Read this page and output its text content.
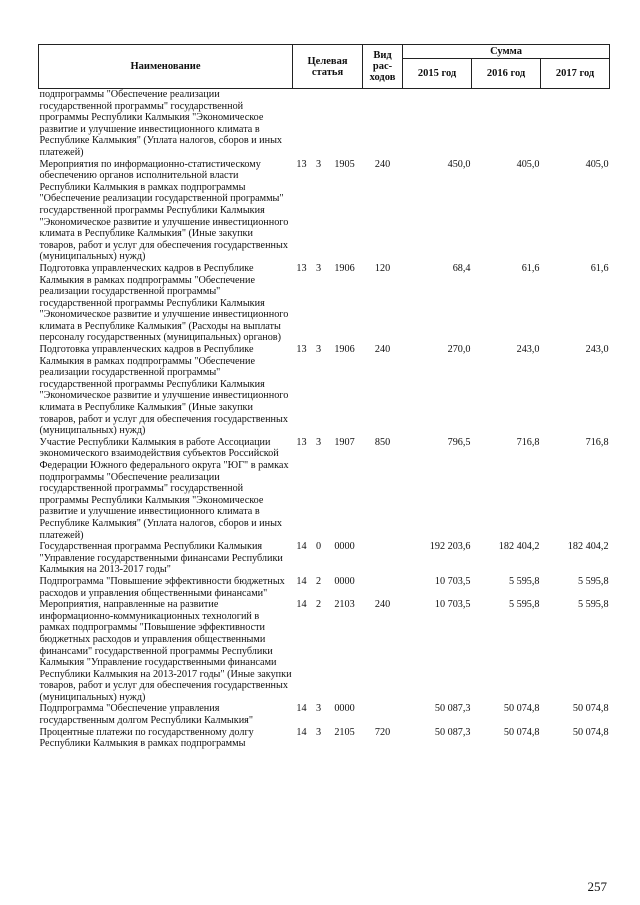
Наименование	Целевая статья			Вид рас-ходов	Сумма		
					2015 год	2016 год	2017 год
подпрограммы "Обеспечение реализации государственной программы" государственной программы Республики Калмыкия "Экономическое развитие и улучшение инвестиционного климата в Республике Калмыкия" (Уплата налогов, сборов и иных платежей)							
Мероприятия по информационно-статистическому обеспечению органов исполнительной власти Республики Калмыкия в рамках подпрограммы "Обеспечение реализации государственной программы" государственной программы Республики Калмыкия "Экономическое развитие и улучшение инвестиционного климата в Республике Калмыкия" (Иные закупки товаров, работ и услуг для обеспечения государственных (муниципальных) нужд)	13	3	1905	240	450,0	405,0	405,0
Подготовка управленческих кадров в Республике Калмыкия в рамках подпрограммы "Обеспечение реализации государственной программы" государственной программы Республики Калмыкия "Экономическое развитие и улучшение инвестиционного климата в Республике Калмыкия" (Расходы на выплаты персоналу государственных (муниципальных) органов)	13	3	1906	120	68,4	61,6	61,6
Подготовка управленческих кадров в Республике Калмыкия в рамках подпрограммы "Обеспечение реализации государственной программы" государственной программы Республики Калмыкия "Экономическое развитие и улучшение инвестиционного климата в Республике Калмыкия" (Иные закупки товаров, работ и услуг для обеспечения государственных (муниципальных) нужд)	13	3	1906	240	270,0	243,0	243,0
Участие Республики Калмыкия в работе Ассоциации экономического взаимодействия субъектов Российской Федерации Южного федерального округа "ЮГ" в рамках подпрограммы "Обеспечение реализации государственной программы" государственной программы Республики Калмыкия "Экономическое развитие и улучшение инвестиционного климата в Республике Калмыкия" (Уплата налогов, сборов и иных платежей)	13	3	1907	850	796,5	716,8	716,8
Государственная программа Республики Калмыкия "Управление государственными финансами Республики Калмыкия на 2013-2017 годы"	14	0	0000		192 203,6	182 404,2	182 404,2
Подпрограмма "Повышение эффективности бюджетных расходов и управления общественными финансами"	14	2	0000		10 703,5	5 595,8	5 595,8
Мероприятия, направленные на развитие информационно-коммуникационных технологий в рамках подпрограммы "Повышение эффективности бюджетных расходов и управления общественными финансами" государственной программы Республики Калмыкия "Управление государственными финансами Республики Калмыкия на 2013-2017 годы" (Иные закупки товаров, работ и услуг для обеспечения государственных (муниципальных) нужд)	14	2	2103	240	10 703,5	5 595,8	5 595,8
Подпрограмма "Обеспечение управления государственным долгом Республики Калмыкия"	14	3	0000		50 087,3	50 074,8	50 074,8
Процентные платежи по государственному долгу Республики Калмыкия в рамках подпрограммы	14	3	2105	720	50 087,3	50 074,8	50 074,8
257
